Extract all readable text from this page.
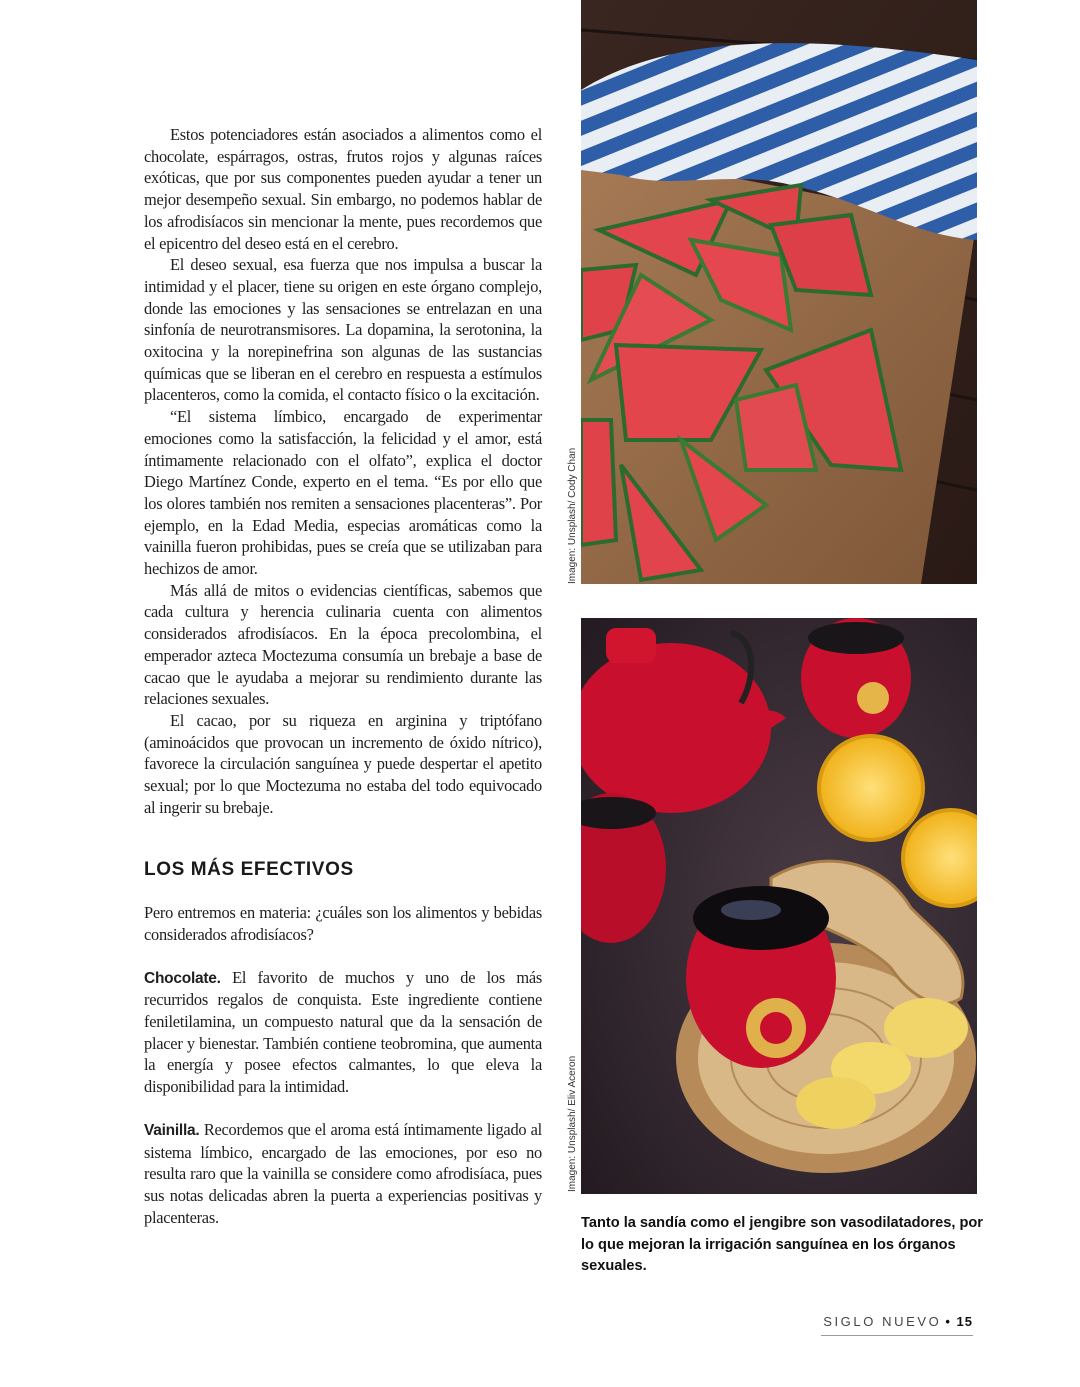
Estos potenciadores están asociados a alimentos como el chocolate, espárragos, ostras, frutos rojos y algunas raíces exóticas, que por sus componentes pueden ayudar a tener un mejor desempeño sexual. Sin embargo, no podemos hablar de los afrodisíacos sin mencionar la mente, pues recordemos que el epicentro del deseo está en el cerebro.

El deseo sexual, esa fuerza que nos impulsa a buscar la intimidad y el placer, tiene su origen en este órgano complejo, donde las emociones y las sensaciones se entrelazan en una sinfonía de neurotransmisores. La dopamina, la serotonina, la oxitocina y la norepinefrina son algunas de las sustancias químicas que se liberan en el cerebro en respuesta a estímulos placenteros, como la comida, el contacto físico o la excitación.

“El sistema límbico, encargado de experimentar emociones como la satisfacción, la felicidad y el amor, está íntimamente relacionado con el olfato”, explica el doctor Diego Martínez Conde, experto en el tema. “Es por ello que los olores también nos remiten a sensaciones placenteras”. Por ejemplo, en la Edad Media, especias aromáticas como la vainilla fueron prohibidas, pues se creía que se utilizaban para hechizos de amor.

Más allá de mitos o evidencias científicas, sabemos que cada cultura y herencia culinaria cuenta con alimentos considerados afrodisíacos. En la época precolombina, el emperador azteca Moctezuma consumía un brebaje a base de cacao que le ayudaba a mejorar su rendimiento durante las relaciones sexuales.

El cacao, por su riqueza en arginina y triptófano (aminoácidos que provocan un incremento de óxido nítrico), favorece la circulación sanguínea y puede despertar el apetito sexual; por lo que Moctezuma no estaba del todo equivocado al ingerir su brebaje.

LOS MÁS EFECTIVOS

Pero entremos en materia: ¿cuáles son los alimentos y bebidas considerados afrodisíacos?

Chocolate. El favorito de muchos y uno de los más recurridos regalos de conquista. Este ingrediente contiene feniletilamina, un compuesto natural que da la sensación de placer y bienestar. También contiene teobromina, que aumenta la energía y posee efectos calmantes, lo que eleva la disponibilidad para la intimidad.

Vainilla. Recordemos que el aroma está íntimamente ligado al sistema límbico, encargado de las emociones, por eso no resulta raro que la vainilla se considere como afrodisíaca, pues sus notas delicadas abren la puerta a experiencias positivas y placenteras.

Imagen: Unsplash/ Cody Chan
Imagen: Unsplash/ Eliv Aceron
Tanto la sandía como el jengibre son vasodilatadores, por lo que mejoran la irrigación sanguínea en los órganos sexuales.
SIGLO NUEVO • 15
